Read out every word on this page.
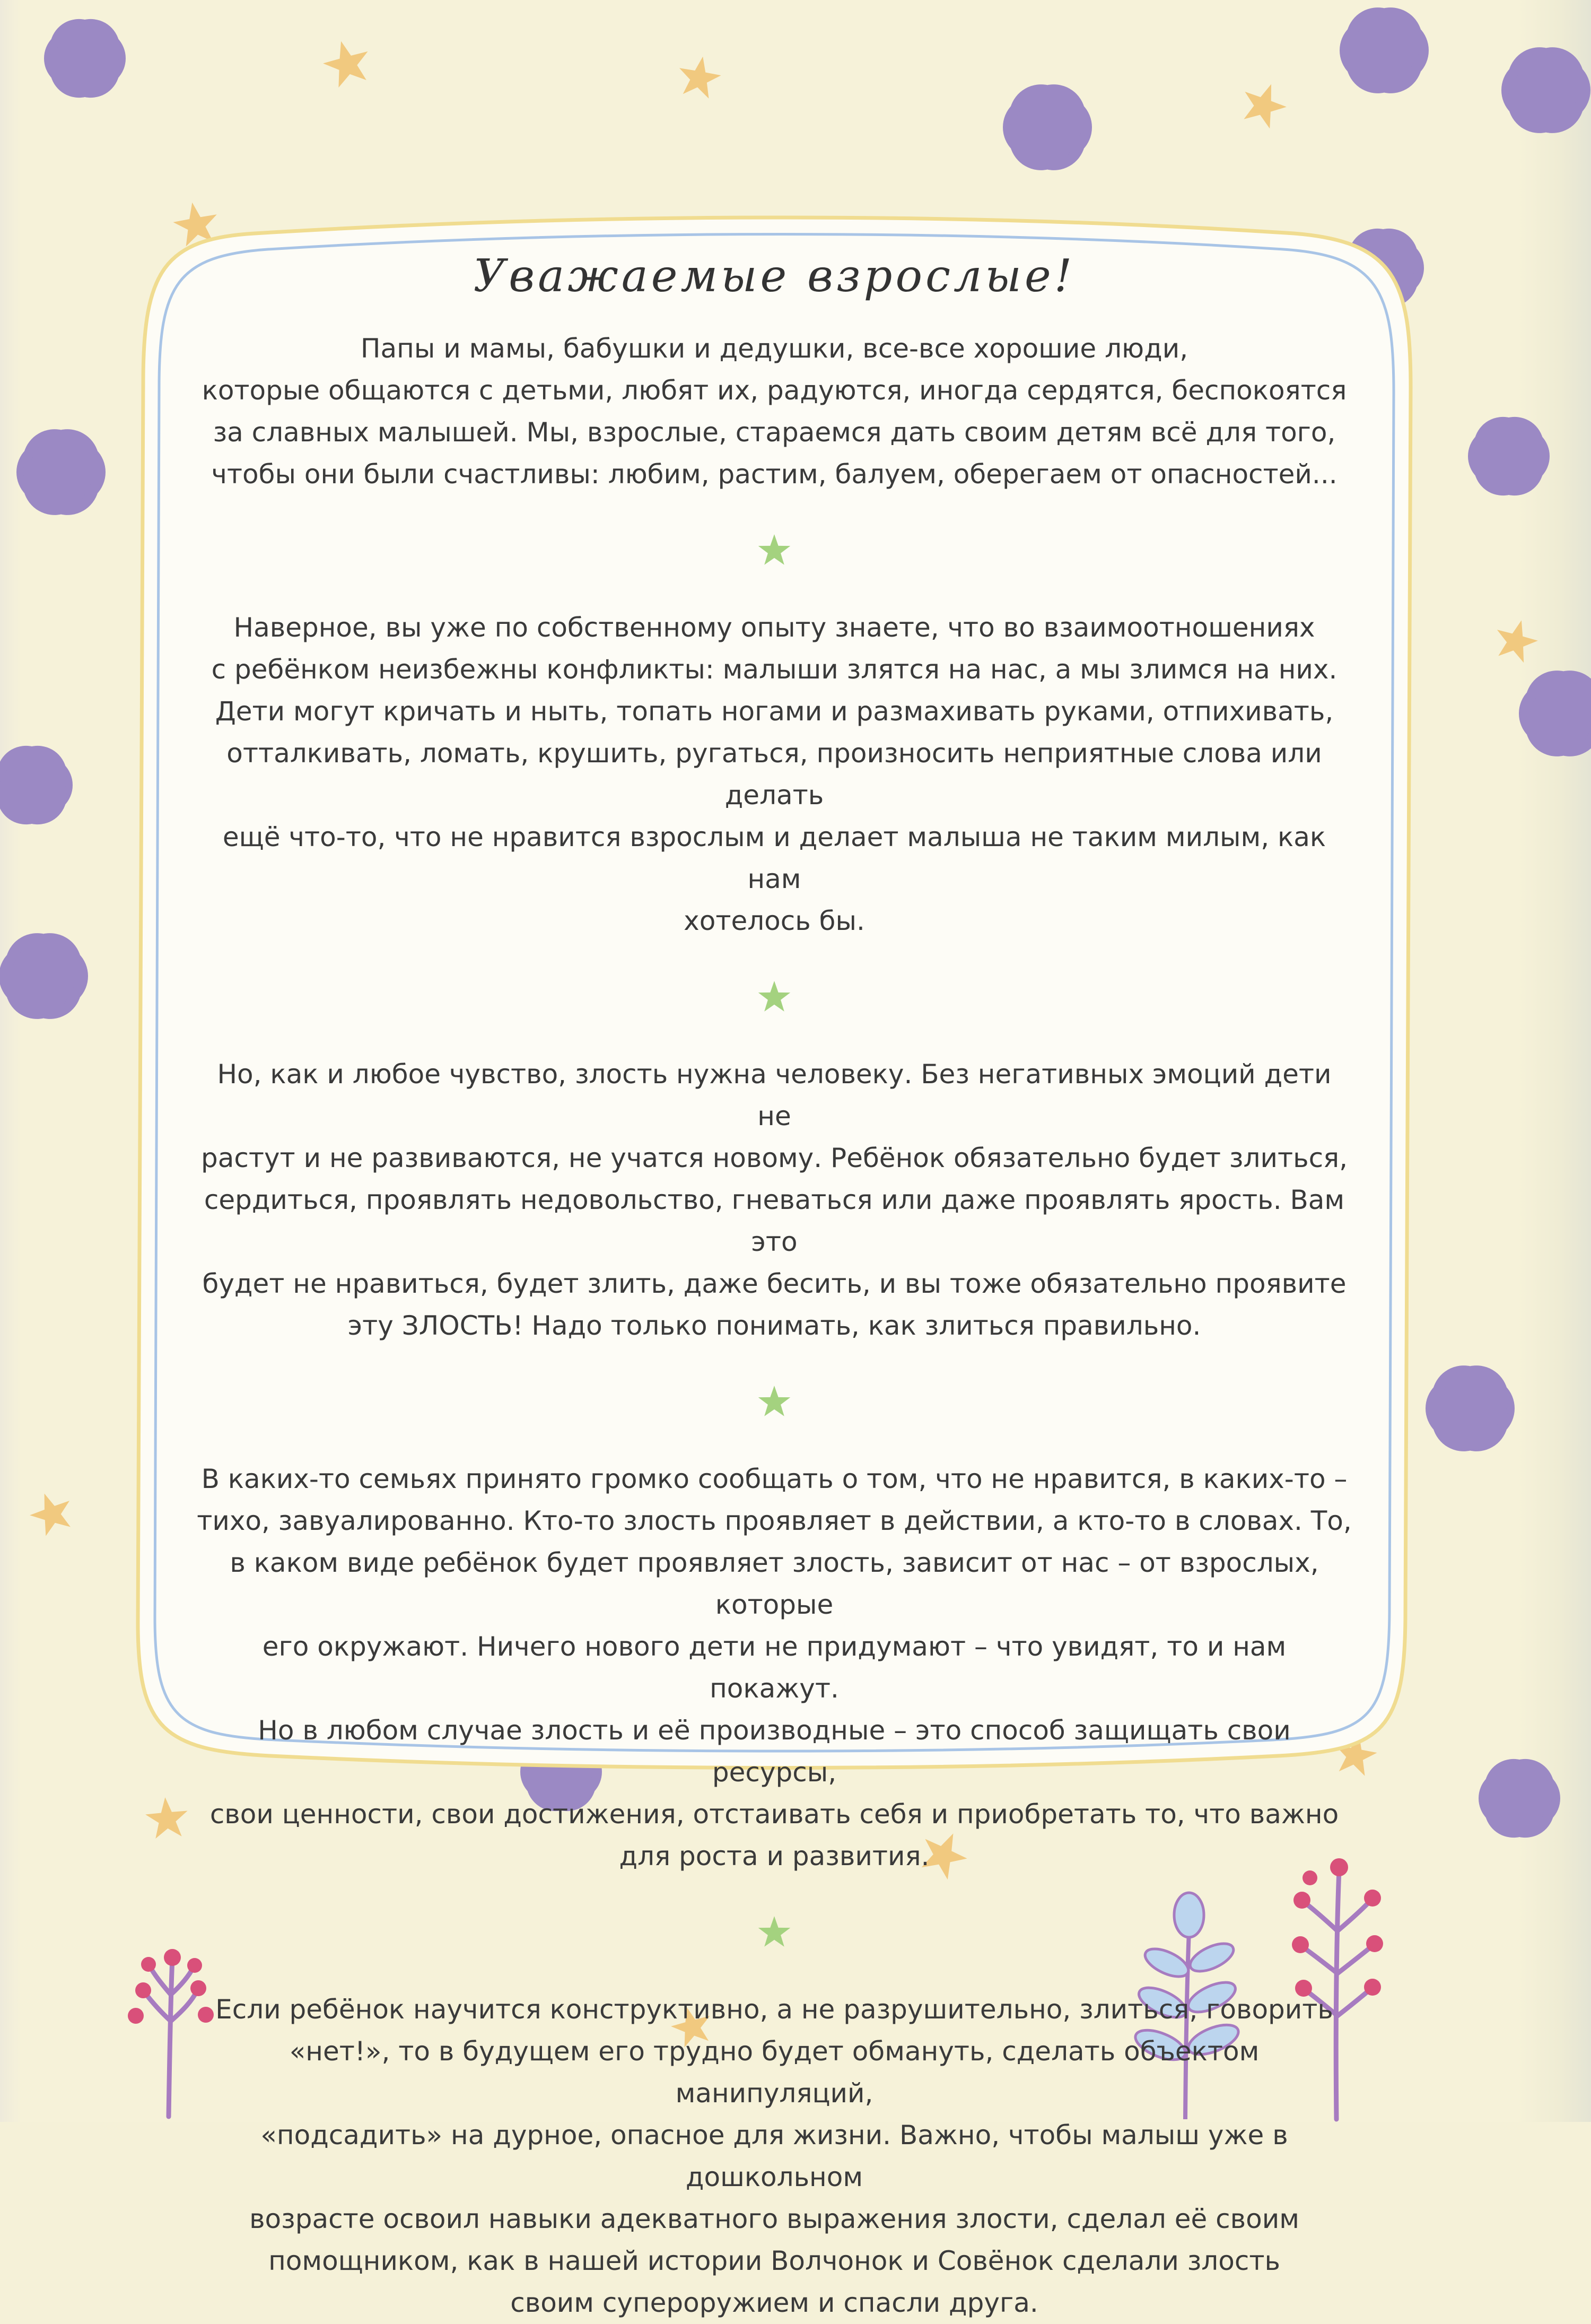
Уважаемые взрослые!

Папы и мамы, бабушки и дедушки, все-все хорошие люди,
которые общаются с детьми, любят их, радуются, иногда сердятся, беспокоятся
за славных малышей. Мы, взрослые, стараемся дать своим детям всё для того,
чтобы они были счастливы: любим, растим, балуем, оберегаем от опасностей...

Наверное, вы уже по собственному опыту знаете, что во взаимоотношениях
с ребёнком неизбежны конфликты: малыши злятся на нас, а мы злимся на них.
Дети могут кричать и ныть, топать ногами и размахивать руками, отпихивать,
отталкивать, ломать, крушить, ругаться, произносить неприятные слова или делать
ещё что-то, что не нравится взрослым и делает малыша не таким милым, как нам
хотелось бы.

Но, как и любое чувство, злость нужна человеку. Без негативных эмоций дети не
растут и не развиваются, не учатся новому. Ребёнок обязательно будет злиться,
сердиться, проявлять недовольство, гневаться или даже проявлять ярость. Вам это
будет не нравиться, будет злить, даже бесить, и вы тоже обязательно проявите
эту ЗЛОСТЬ! Надо только понимать, как злиться правильно.

В каких-то семьях принято громко сообщать о том, что не нравится, в каких-то –
тихо, завуалированно. Кто-то злость проявляет в действии, а кто-то в словах. То,
в каком виде ребёнок будет проявляет злость, зависит от нас – от взрослых, которые
его окружают. Ничего нового дети не придумают – что увидят, то и нам покажут.
Но в любом случае злость и её производные – это способ защищать свои ресурсы,
свои ценности, свои достижения, отстаивать себя и приобретать то, что важно
для роста и развития.

Если ребёнок научится конструктивно, а не разрушительно, злиться, говорить
«нет!», то в будущем его трудно будет обмануть, сделать объектом манипуляций,
«подсадить» на дурное, опасное для жизни. Важно, чтобы малыш уже в дошкольном
возрасте освоил навыки адекватного выражения злости, сделал её своим
помощником, как в нашей истории Волчонок и Совёнок сделали злость
своим супероружием и спасли друга.
